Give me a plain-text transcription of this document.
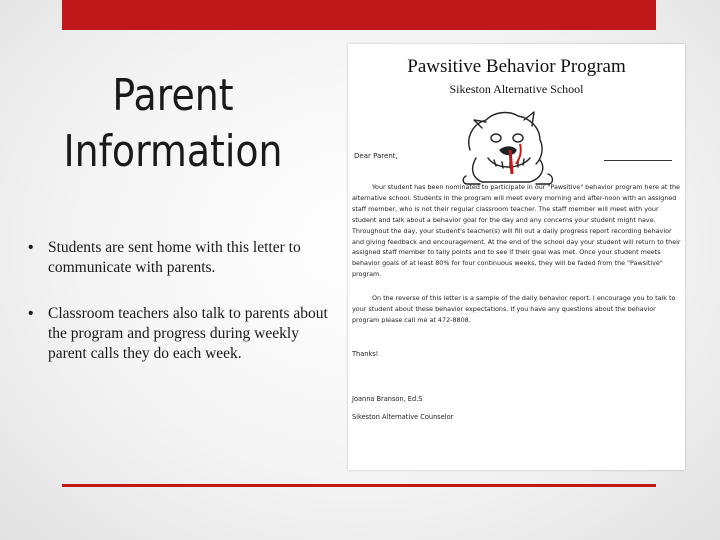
Parent
Information
• Students are sent home with this letter to communicate with parents.
• Classroom teachers also talk to parents about the program and progress during weekly parent calls they do each week.
Pawsitive Behavior Program
Sikeston Alternative School
Dear Parent,

Your student has been nominated to participate in our "Pawsitive" behavior program here at the alternative school. Students in the program will meet every morning and after-noon with an assigned staff member, who is not their regular classroom teacher. The staff member will meet with your student and talk about a behavior goal for the day and any concerns your student might have. Throughout the day, your student's teacher(s) will fill out a daily progress report recording behavior and giving feedback and encouragement. At the end of the school day your student will return to their assigned staff member to tally points and to see if their goal was met. Once your student meets behavior goals of at least 80% for four continuous weeks, they will be faded from the "Pawsitive" program.

On the reverse of this letter is a sample of the daily behavior report. I encourage you to talk to your student about these behavior expectations. If you have any questions about the behavior program please call me at 472-8808.

Thanks!
Joanna Branson, Ed.S
Sikeston Alternative Counselor
